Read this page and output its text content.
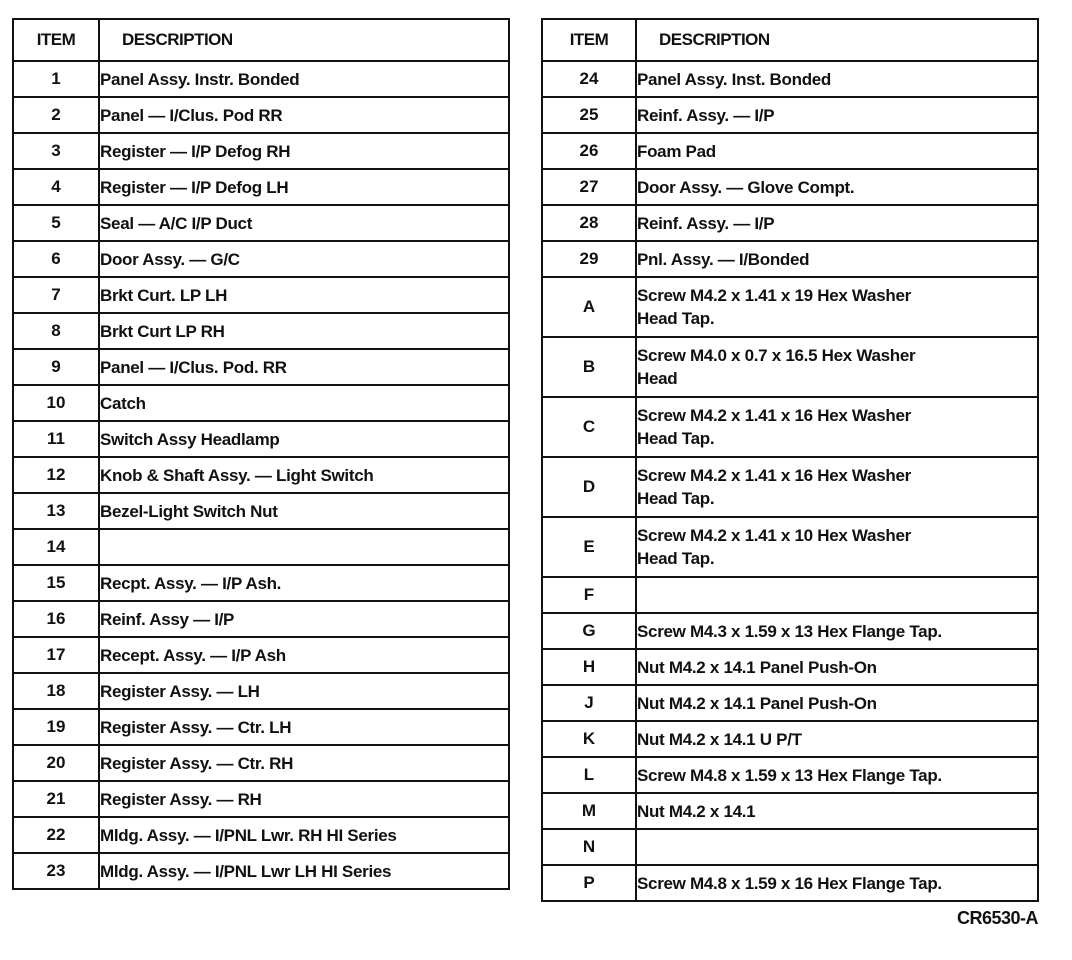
ITEM	DESCRIPTION
1	Panel Assy. Instr. Bonded
2	Panel — I/Clus. Pod RR
3	Register — I/P Defog RH
4	Register — I/P Defog LH
5	Seal — A/C I/P Duct
6	Door Assy. — G/C
7	Brkt Curt. LP LH
8	Brkt Curt LP RH
9	Panel — I/Clus. Pod. RR
10	Catch
11	Switch Assy Headlamp
12	Knob & Shaft Assy. — Light Switch
13	Bezel-Light Switch Nut
14	
15	Recpt. Assy. — I/P Ash.
16	Reinf. Assy — I/P
17	Recept. Assy. — I/P Ash
18	Register Assy. — LH
19	Register Assy. — Ctr. LH
20	Register Assy. — Ctr. RH
21	Register Assy. — RH
22	Mldg. Assy. — I/PNL Lwr. RH HI Series
23	Mldg. Assy. — I/PNL Lwr LH HI Series
ITEM	DESCRIPTION
24	Panel Assy. Inst. Bonded

25	Reinf. Assy. — I/P

26	Foam Pad

27	Door Assy. — Glove Compt.

28	Reinf. Assy. — I/P

29	Pnl. Assy. — I/Bonded

A	Screw M4.2 x 1.41 x 19 Hex Washer
Head Tap.

B	Screw M4.0 x 0.7 x 16.5 Hex Washer
Head

C	Screw M4.2 x 1.41 x 16 Hex Washer
Head Tap.

D	Screw M4.2 x 1.41 x 16 Hex Washer
Head Tap.

E	Screw M4.2 x 1.41 x 10 Hex Washer
Head Tap.

F	

G	Screw M4.3 x 1.59 x 13 Hex Flange Tap.

H	Nut M4.2 x 14.1 Panel Push-On

J	Nut M4.2 x 14.1 Panel Push-On

K	Nut M4.2 x 14.1 U P/T

L	Screw M4.8 x 1.59 x 13 Hex Flange Tap.

M	Nut M4.2 x 14.1

N	

P	Screw M4.8 x 1.59 x 16 Hex Flange Tap.
CR6530-A
